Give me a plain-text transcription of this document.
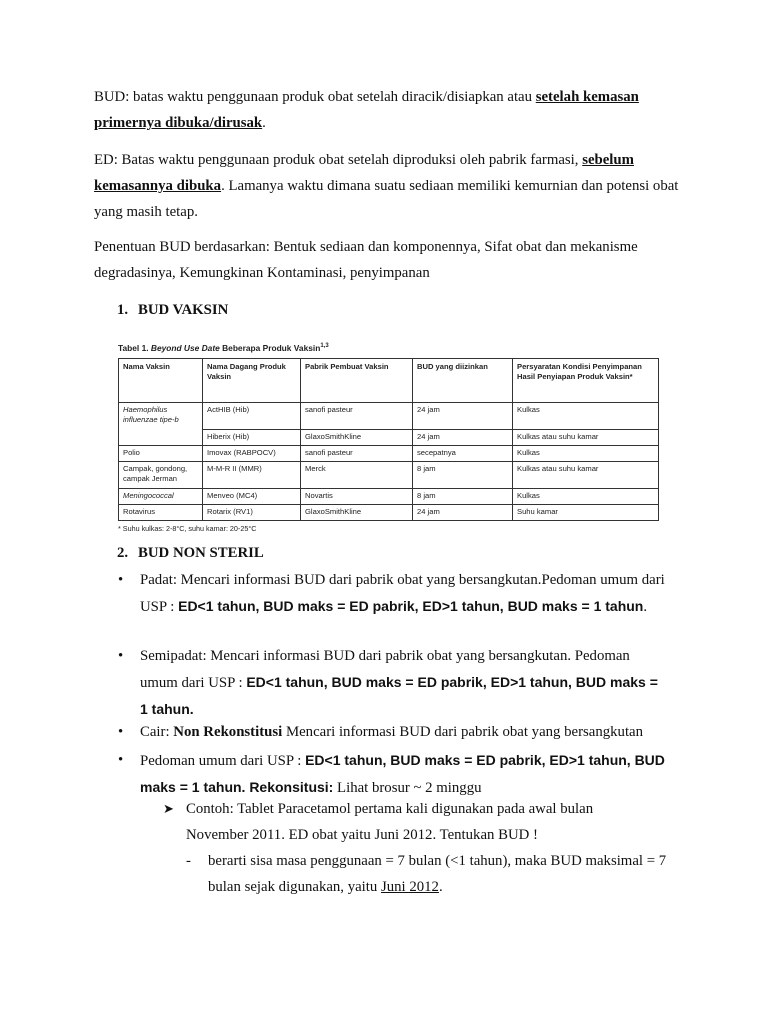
BUD: batas waktu penggunaan produk obat setelah diracik/disiapkan atau setelah kemasan primernya dibuka/dirusak.

ED: Batas waktu penggunaan produk obat setelah diproduksi oleh pabrik farmasi, sebelum kemasannya dibuka. Lamanya waktu dimana suatu sediaan memiliki kemurnian dan potensi obat yang masih tetap.

Penentuan BUD berdasarkan: Bentuk sediaan dan komponennya, Sifat obat dan mekanisme degradasinya, Kemungkinan Kontaminasi, penyimpanan

1. BUD VAKSIN
Tabel 1. Beyond Use Date Beberapa Produk Vaksin$^{1,3}$
Nama Vaksin	Nama Dagang Produk Vaksin	Pabrik Pembuat Vaksin	BUD yang diizinkan	Persyaratan Kondisi Penyimpanan Hasil Penyiapan Produk Vaksin*
Haemophilus influenzae tipe-b	ActHIB (Hib)	sanofi pasteur	24 jam	Kulkas
	Hiberix (Hib)	GlaxoSmithKline	24 jam	Kulkas atau suhu kamar
Polio	Imovax (RABPOCV)	sanofi pasteur	secepatnya	Kulkas
Campak, gondong, campak Jerman	M-M-R II (MMR)	Merck	8 jam	Kulkas atau suhu kamar
Meningococcal	Menveo (MC4)	Novartis	8 jam	Kulkas
Rotavirus	Rotarix (RV1)	GlaxoSmithKline	24 jam	Suhu kamar
* Suhu kulkas: 2-8°C, suhu kamar: 20-25°C
2. BUD NON STERIL
• Padat: Mencari informasi BUD dari pabrik obat yang bersangkutan.Pedoman umum dari USP : ED<1 tahun, BUD maks = ED pabrik, ED>1 tahun, BUD maks = 1 tahun.
• Semipadat: Mencari informasi BUD dari pabrik obat yang bersangkutan. Pedoman umum dari USP : ED<1 tahun, BUD maks = ED pabrik, ED>1 tahun, BUD maks = 1 tahun.
• Cair: Non Rekonstitusi Mencari informasi BUD dari pabrik obat yang bersangkutan
• Pedoman umum dari USP : ED<1 tahun, BUD maks = ED pabrik, ED>1 tahun, BUD maks = 1 tahun. Rekonsitusi: Lihat brosur ~ 2 minggu
➤ Contoh: Tablet Paracetamol pertama kali digunakan pada awal bulan November 2011. ED obat yaitu Juni 2012. Tentukan BUD !
- berarti sisa masa penggunaan = 7 bulan (<1 tahun), maka BUD maksimal = 7 bulan sejak digunakan, yaitu Juni 2012.
